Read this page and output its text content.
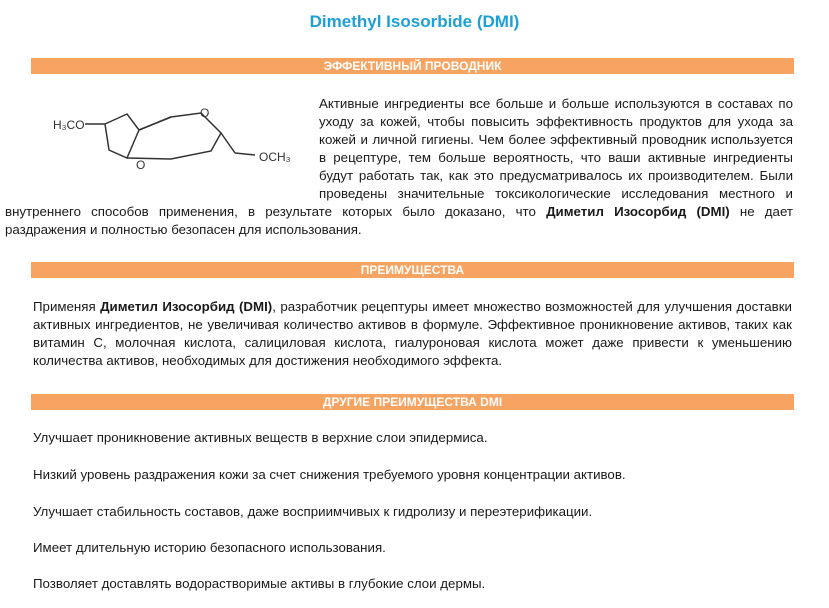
Dimethyl Isosorbide (DMI)
ЭФФЕКТИВНЫЙ ПРОВОДНИК
H₃CO
O
O
OCH₃
Активные ингредиенты все больше и больше используются в составах по уходу за кожей, чтобы повысить эффективность продуктов для ухода за кожей и личной гигиены. Чем более эффективный проводник используется в рецептуре, тем больше вероятность, что ваши активные ингредиенты будут работать так, как это предусматривалось их производителем. Были проведены значительные токсикологические исследования местного и внутреннего способов применения, в результате которых было доказано, что Диметил Изосорбид (DMI) не дает раздражения и полностью безопасен для использования.
ПРЕИМУЩЕСТВА
Применяя Диметил Изосорбид (DMI), разработчик рецептуры имеет множество возможностей для улучшения доставки активных ингредиентов, не увеличивая количество активов в формуле. Эффективное проникновение активов, таких как витамин С, молочная кислота, салициловая кислота, гиалуроновая кислота может даже привести к уменьшению количества активов, необходимых для достижения необходимого эффекта.
ДРУГИЕ ПРЕИМУЩЕСТВА DMI
Улучшает проникновение активных веществ в верхние слои эпидермиса.
Низкий уровень раздражения кожи за счет снижения требуемого уровня концентрации активов.
Улучшает стабильность составов, даже восприимчивых к гидролизу и переэтерификации.
Имеет длительную историю безопасного использования.
Позволяет доставлять водорастворимые активы в глубокие слои дермы.
